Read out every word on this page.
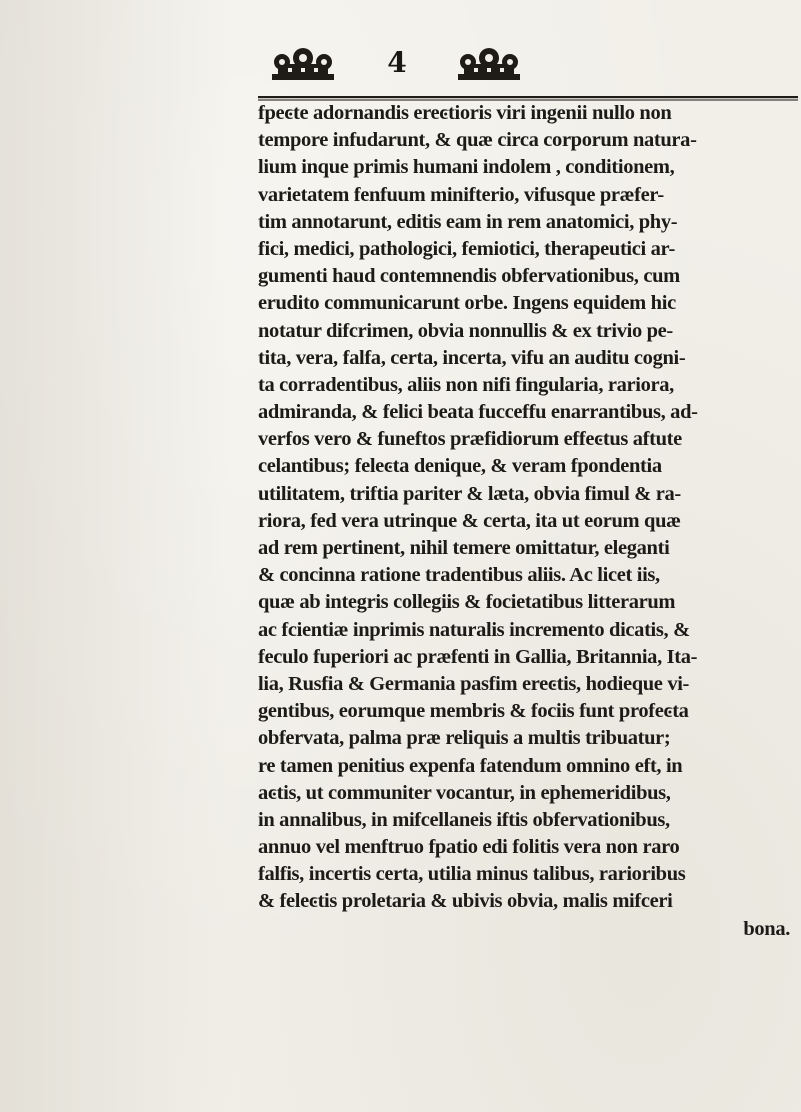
4
fpeͼte adornandis ereͼtioris viri ingenii nullo non
tempore infudarunt, & quæ circa corporum natura-
lium inque primis humani indolem , conditionem,
varietatem fenfuum minifterio, vifusque præfer-
tim annotarunt, editis eam in rem anatomici, phy-
fici, medici, pathologici, femiotici, therapeutici ar-
gumenti haud contemnendis obfervationibus, cum
erudito communicarunt orbe. Ingens equidem hic
notatur difcrimen, obvia nonnullis & ex trivio pe-
tita, vera, falfa, certa, incerta, vifu an auditu cogni-
ta corradentibus, aliis non nifi fingularia, rariora,
admiranda, & felici beata fucceffu enarrantibus, ad-
verfos vero & funeftos præfidiorum effeͼtus aftute
celantibus; feleͼta denique, & veram fpondentia
utilitatem, triftia pariter & læta, obvia fimul & ra-
riora, fed vera utrinque & certa, ita ut eorum quæ
ad rem pertinent, nihil temere omittatur, eleganti
& concinna ratione tradentibus aliis. Ac licet iis,
quæ ab integris collegiis & focietatibus litterarum
ac fcientiæ inprimis naturalis incremento dicatis, &
feculo fuperiori ac præfenti in Gallia, Britannia, Ita-
lia, Rusfia & Germania pasfim ereͼtis, hodieque vi-
gentibus, eorumque membris & fociis funt profeͼta
obfervata, palma præ reliquis a multis tribuatur;
re tamen penitius expenfa fatendum omnino eft, in
aͼtis, ut communiter vocantur, in ephemeridibus,
in annalibus, in mifcellaneis iftis obfervationibus,
annuo vel menftruo fpatio edi folitis vera non raro
falfis, incertis certa, utilia minus talibus, rarioribus
& feleͼtis proletaria & ubivis obvia, malis mifceri
bona.
